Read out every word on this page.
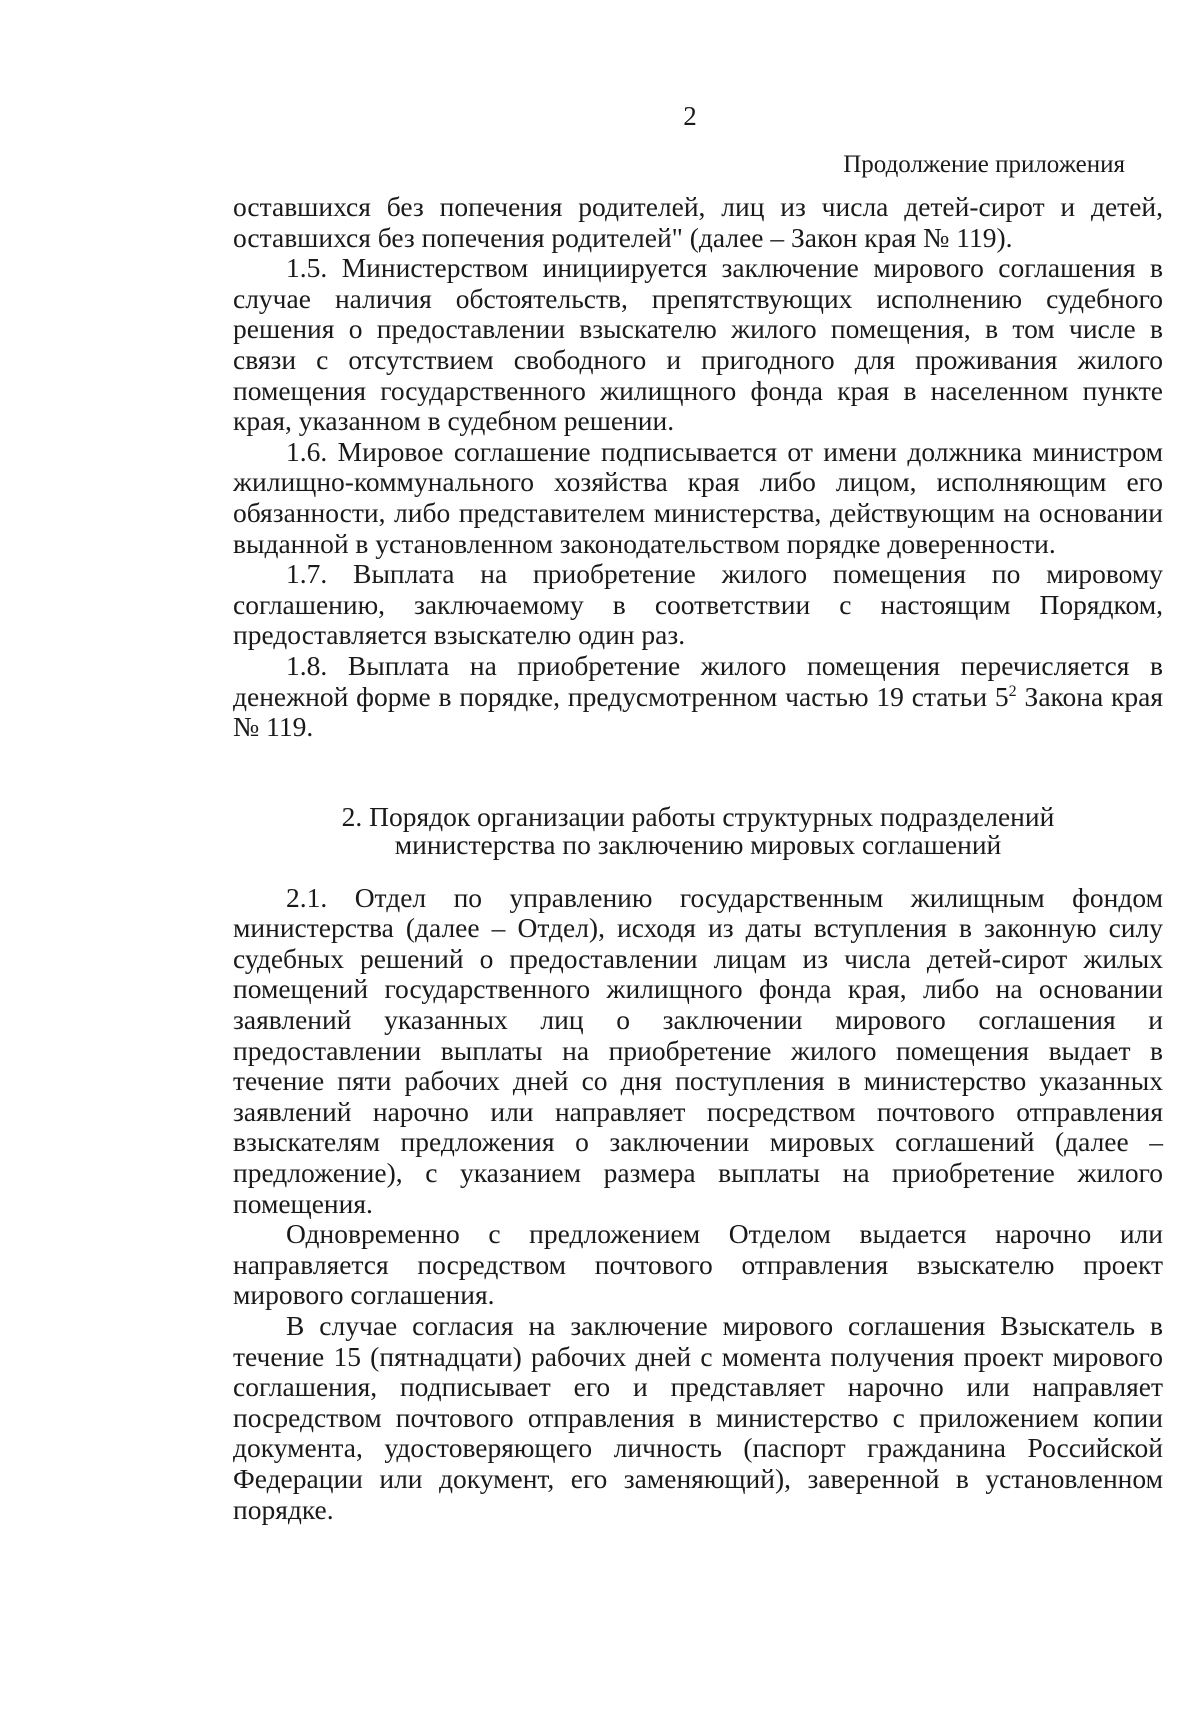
2
Продолжение приложения

оставшихся без попечения родителей, лиц из числа детей-сирот и детей, оставшихся без попечения родителей" (далее – Закон края № 119).

1.5. Министерством инициируется заключение мирового соглашения в случае наличия обстоятельств, препятствующих исполнению судебного решения о предоставлении взыскателю жилого помещения, в том числе в связи с отсутствием свободного и пригодного для проживания жилого помещения государственного жилищного фонда края в населенном пункте края, указанном в судебном решении.

1.6. Мировое соглашение подписывается от имени должника министром жилищно-коммунального хозяйства края либо лицом, исполняющим его обязанности, либо представителем министерства, действующим на основании выданной в установленном законодательством порядке доверенности.

1.7. Выплата на приобретение жилого помещения по мировому соглашению, заключаемому в соответствии с настоящим Порядком, предоставляется взыскателю один раз.

1.8. Выплата на приобретение жилого помещения перечисляется в денежной форме в порядке, предусмотренном частью 19 статьи $5^2$ Закона края № 119.

2. Порядок организации работы структурных подразделений
министерства по заключению мировых соглашений

2.1. Отдел по управлению государственным жилищным фондом министерства (далее – Отдел), исходя из даты вступления в законную силу судебных решений о предоставлении лицам из числа детей-сирот жилых помещений государственного жилищного фонда края, либо на основании заявлений указанных лиц о заключении мирового соглашения и предоставлении выплаты на приобретение жилого помещения выдает в течение пяти рабочих дней со дня поступления в министерство указанных заявлений нарочно или направляет посредством почтового отправления взыскателям предложения о заключении мировых соглашений (далее – предложение), с указанием размера выплаты на приобретение жилого помещения.

Одновременно с предложением Отделом выдается нарочно или направляется посредством почтового отправления взыскателю проект мирового соглашения.

В случае согласия на заключение мирового соглашения Взыскатель в течение 15 (пятнадцати) рабочих дней с момента получения проект мирового соглашения, подписывает его и представляет нарочно или направляет посредством почтового отправления в министерство с приложением копии документа, удостоверяющего личность (паспорт гражданина Российской Федерации или документ, его заменяющий), заверенной в установленном порядке.
